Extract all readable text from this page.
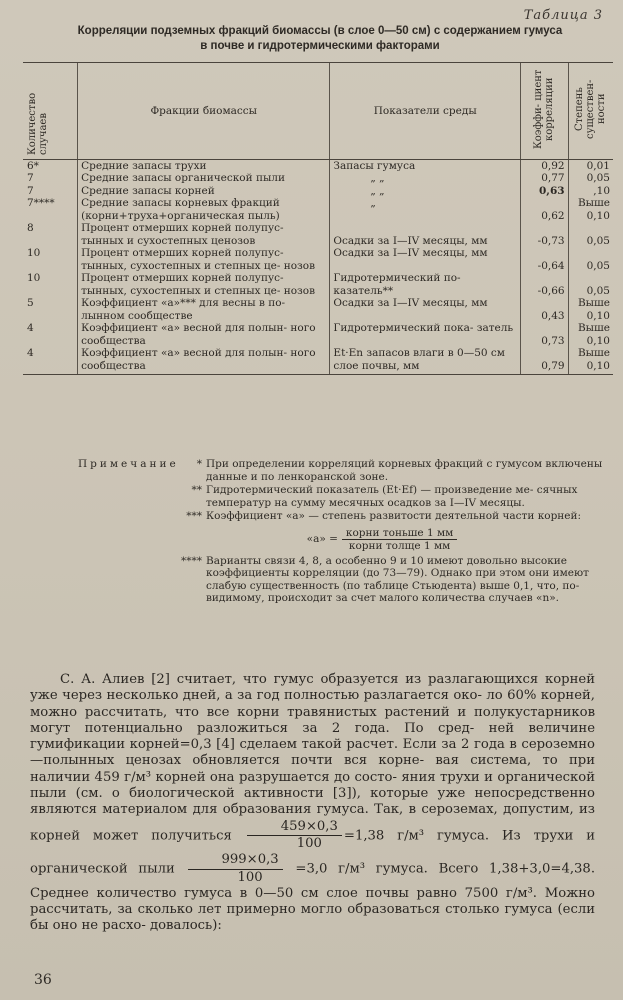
Таблица 3
Корреляции подземных фракций биомассы (в слое 0—50 см) с содержанием гумуса
в почве и гидротермическими факторами
Количество случаев	Фракции биомассы	Показатели среды	Коэффи- циент корреляции	Степень существен- ности
6*	Средние запасы трухи	Запасы гумуса	0,92	0,01
7	Средние запасы органической пыли	„ „	0,77	0,05
7	Средние запасы корней	„ „	0,63	,10
7****	Средние запасы корневых фракций (корни+труха+органическая пыль)	„	0,62	Выше 0,10
8	Процент отмерших корней полупус- тынных и сухостепных ценозов	Осадки за I—IV месяцы, мм	-0,73	0,05
10	Процент отмерших корней полупус- тынных, сухостепных и степных це- нозов	Осадки за I—IV месяцы, мм	-0,64	0,05
10	Процент отмерших корней полупус- тынных, сухостепных и степных це- нозов	Гидротермический по- казатель**	-0,66	0,05
5	Коэффициент «a»*** для весны в по- лынном сообществе	Осадки за I—IV месяцы, мм	0,43	Выше 0,10
4	Коэффициент «a» весной для полын- ного сообщества	Гидротермический пока- затель	0,73	Выше 0,10
4	Коэффициент «a» весной для полын- ного сообщества	Et·En запасов влаги в 0—50 см слое почвы, мм	0,79	Выше 0,10
Примечание	* При определении корреляций корневых фракций с гумусом включены данные и по ленкоранской зоне.
** Гидротермический показатель (Et·Ef) — произведение ме- сячных температур на сумму месячных осадков за I—IV месяцы.
*** Коэффициент «a» — степень развитости деятельной части корней:
«a» = $\frac{\text{корни тоньше 1 мм}}{\text{корни толще 1 мм}}$
**** Варианты связи 4, 8, а особенно 9 и 10 имеют довольно высокие коэффициенты корреляции (до 73—79). Однако при этом они имеют слабую существенность (по таблице Стьюдента) выше 0,1, что, по-видимому, происходит за счет малого количества случаев «n».

С. А. Алиев [2] считает, что гумус образуется из разлагающихся корней уже через несколько дней, а за год полностью разлагается око- ло 60% корней, можно рассчитать, что все корни травянистых растений и полукустарников могут потенциально разложиться за 2 года. По сред- ней величине гумификации корней=0,3 [4] сделаем такой расчет. Если за 2 года в сероземно—полынных ценозах обновляется почти вся корне- вая система, то при наличии 459 г/м³ корней она разрушается до состо- яния трухи и органической пыли (см. о биологической активности [3]), которые уже непосредственно являются материалом для образования гумуса. Так, в сероземах, допустим, из корней может получиться $\frac{459\times 0,3}{100} =1,38$ г/м³ гумуса. Из трухи и органической пыли $\frac{999\times 0,3}{100} =3,0$ г/м³ гумуса. Всего 1,38+3,0=4,38. Среднее количество гумуса в 0—50 см слое почвы равно 7500 г/м³. Можно рассчитать, за сколько лет примерно могло образоваться столько гумуса (если бы оно не расхо- довалось):

36
